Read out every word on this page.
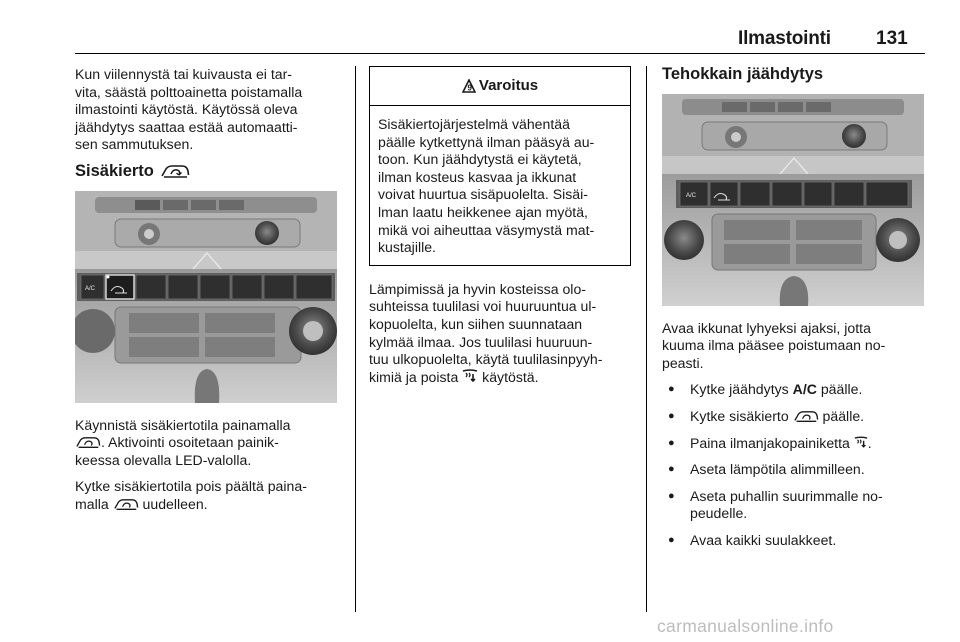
Ilmastointi 131

Kun viilennystä tai kuivausta ei tar-
vita, säästä polttoainetta poistamalla
ilmastointi käytöstä. Käytössä oleva
jäähdytys saattaa estää automaatti-
sen sammutuksen.

Sisäkierto
A/C

Käynnistä sisäkiertotila painamalla
. Aktivointi osoitetaan painik-
keessa olevalla LED-valolla.

Kytke sisäkiertotila pois päältä paina-
malla uudelleen.

9 Varoitus
Sisäkiertojärjestelmä vähentää
päälle kytkettynä ilman pääsyä au-
toon. Kun jäähdytystä ei käytetä,
ilman kosteus kasvaa ja ikkunat
voivat huurtua sisäpuolelta. Sisäi-
lman laatu heikkenee ajan myötä,
mikä voi aiheuttaa väsymystä mat-
kustajille.

Lämpimissä ja hyvin kosteissa olo-
suhteissa tuulilasi voi huuruuntua ul-
kopuolelta, kun siihen suunnataan
kylmää ilmaa. Jos tuulilasi huuruun-
tuu ulkopuolelta, käytä tuulilasinpyyh-
kimiä ja poista käytöstä.

Tehokkain jäähdytys
A/C

Avaa ikkunat lyhyeksi ajaksi, jotta
kuuma ilma pääsee poistumaan no-
peasti.

● Kytke jäähdytys A/C päälle.
● Kytke sisäkierto päälle.
● Paina ilmanjakopainiketta .
● Aseta lämpötila alimmilleen.
● Aseta puhallin suurimmalle no-
peudelle.
● Avaa kaikki suulakkeet.
carmanualsonline.info
